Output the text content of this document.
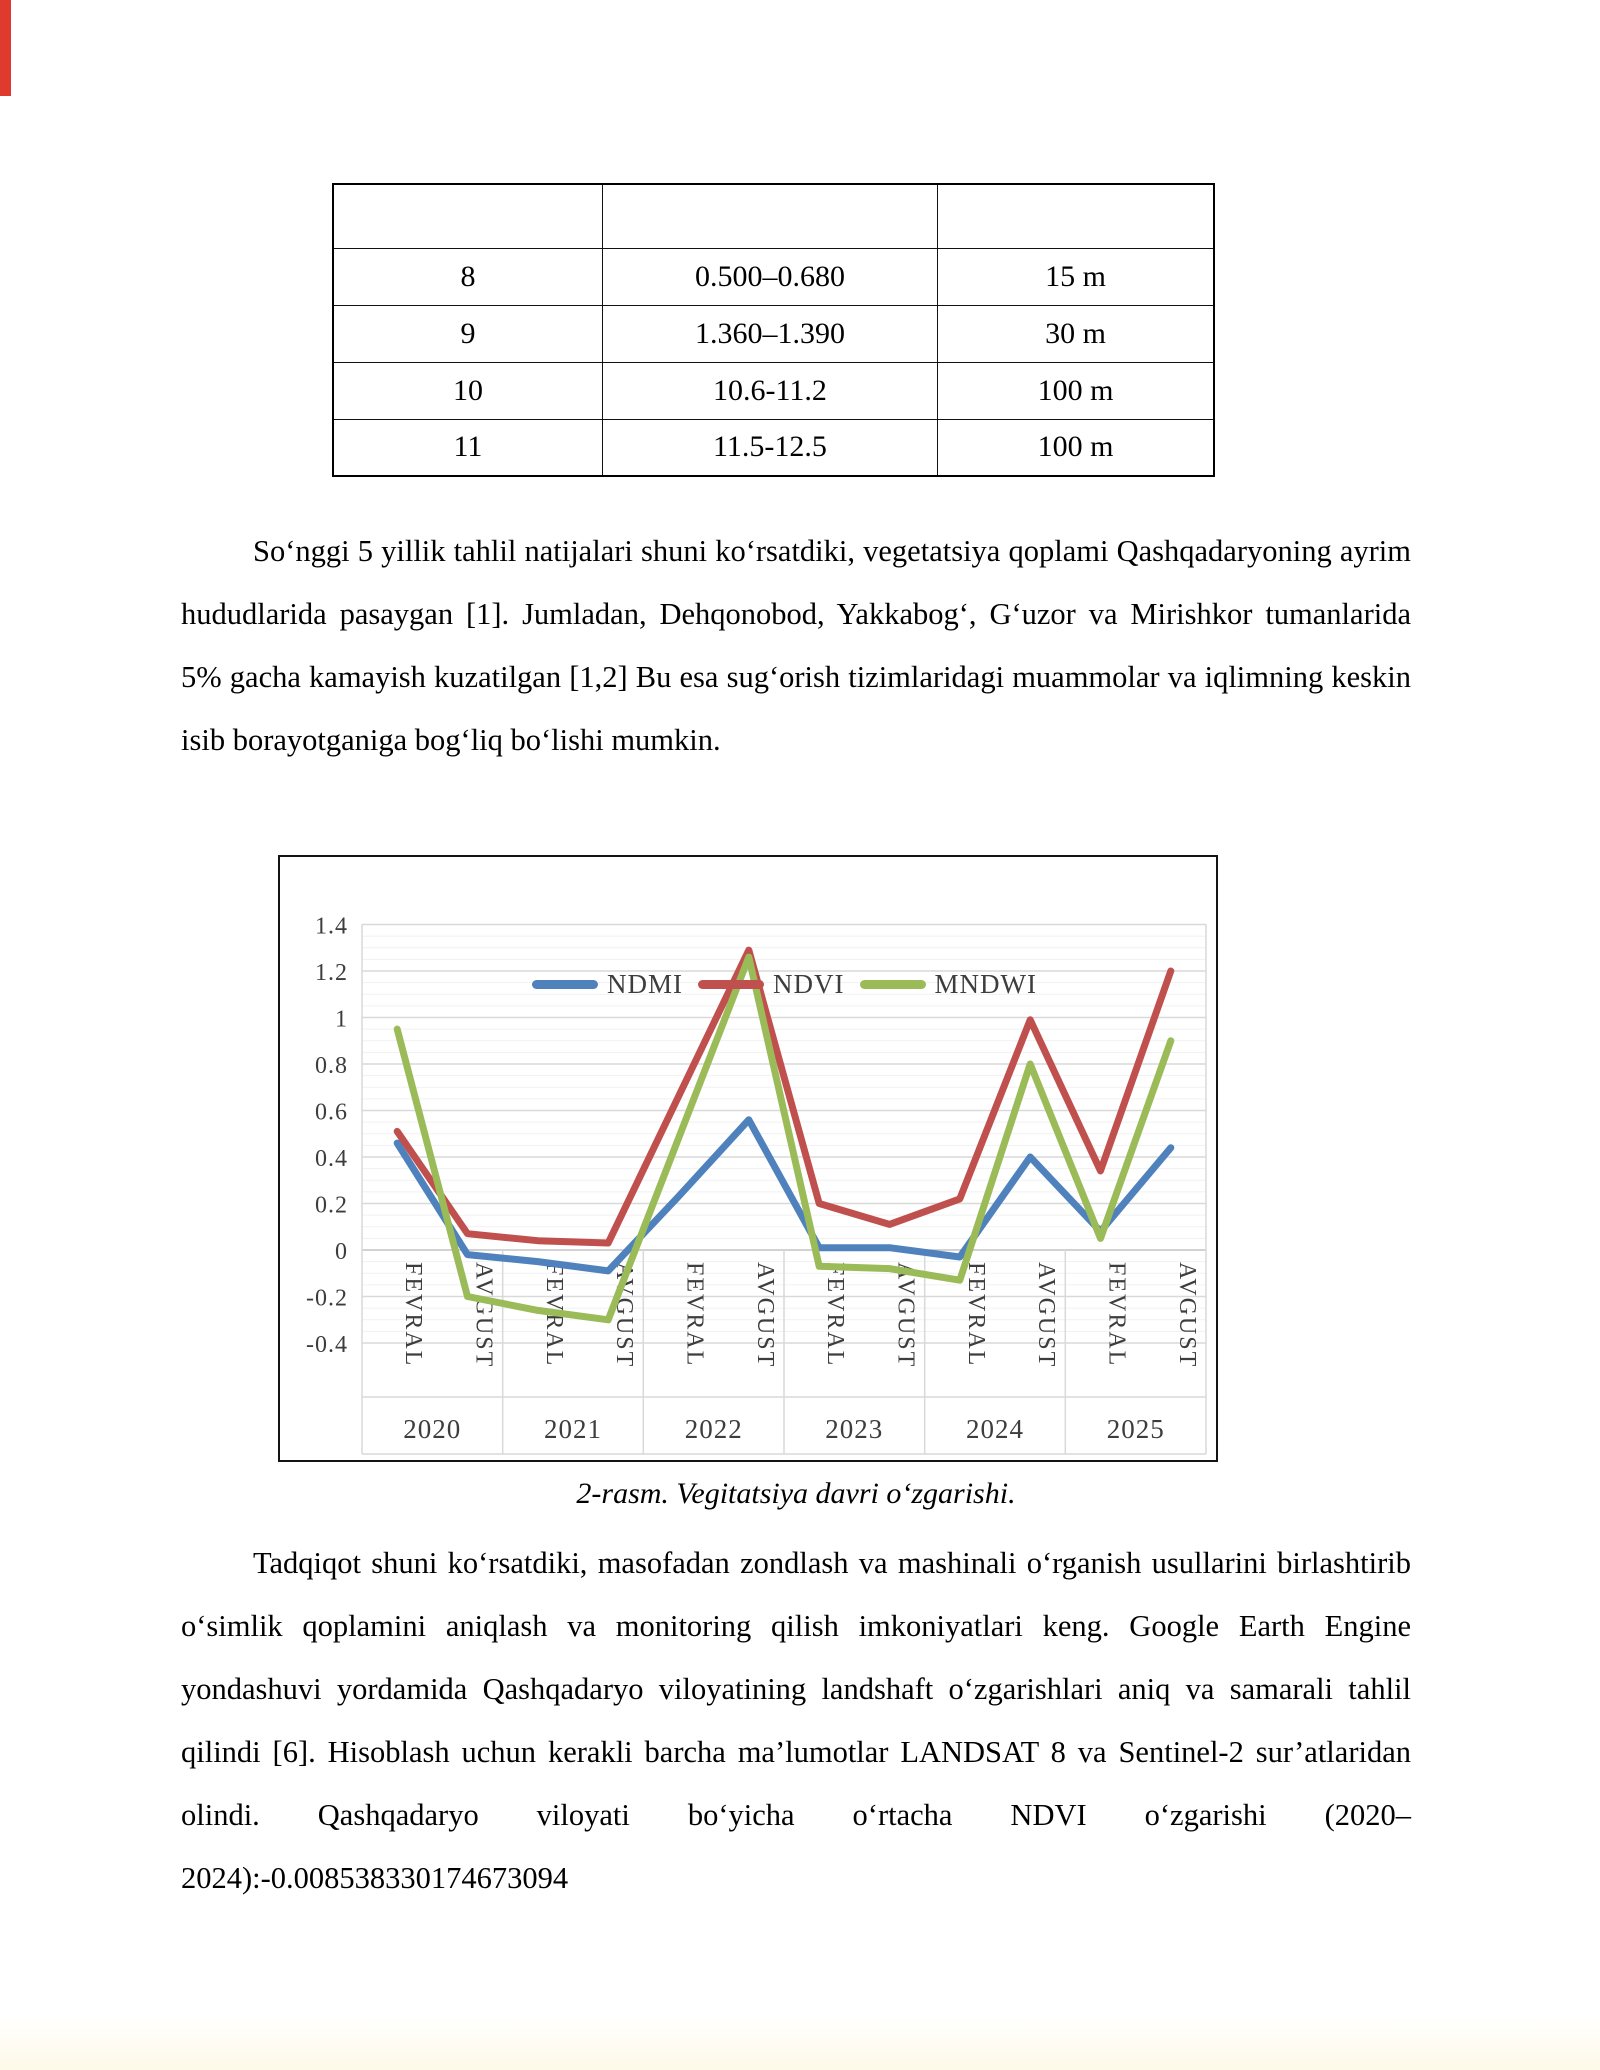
8	0.500–0.680	15 m
9	1.360–1.390	30 m
10	10.6-11.2	100 m
11	11.5-12.5	100 m

So‘nggi 5 yillik tahlil natijalari shuni ko‘rsatdiki, vegetatsiya qoplami Qashqadaryoning ayrim hududlarida pasaygan [1]. Jumladan, Dehqonobod, Yakkabog‘, G‘uzor va Mirishkor tumanlarida 5% gacha kamayish kuzatilgan [1,2] Bu esa sug‘orish tizimlaridagi muammolar va iqlimning keskin isib borayotganiga bog‘liq bo‘lishi mumkin.

1.4
1.2
1
0.8
0.6
0.4
0.2
0
-0.2
-0.4 FEVRAL AVGUST FEVRAL AVGUST FEVRAL AVGUST FEVRAL AVGUST FEVRAL AVGUST FEVRAL AVGUST
2020	2021	2022	2023	2024	2025
NDMI	NDVI	MNDWI
2-rasm. Vegitatsiya davri o‘zgarishi.

Tadqiqot shuni ko‘rsatdiki, masofadan zondlash va mashinali o‘rganish usullarini birlashtirib o‘simlik qoplamini aniqlash va monitoring qilish imkoniyatlari keng. Google Earth Engine yondashuvi yordamida Qashqadaryo viloyatining landshaft o‘zgarishlari aniq va samarali tahlil qilindi [6]. Hisoblash uchun kerakli barcha ma’lumotlar LANDSAT 8 va Sentinel-2 sur’atlaridan olindi. Qashqadaryo viloyati bo‘yicha o‘rtacha NDVI o‘zgarishi (2020–2024):-0.008538330174673094
